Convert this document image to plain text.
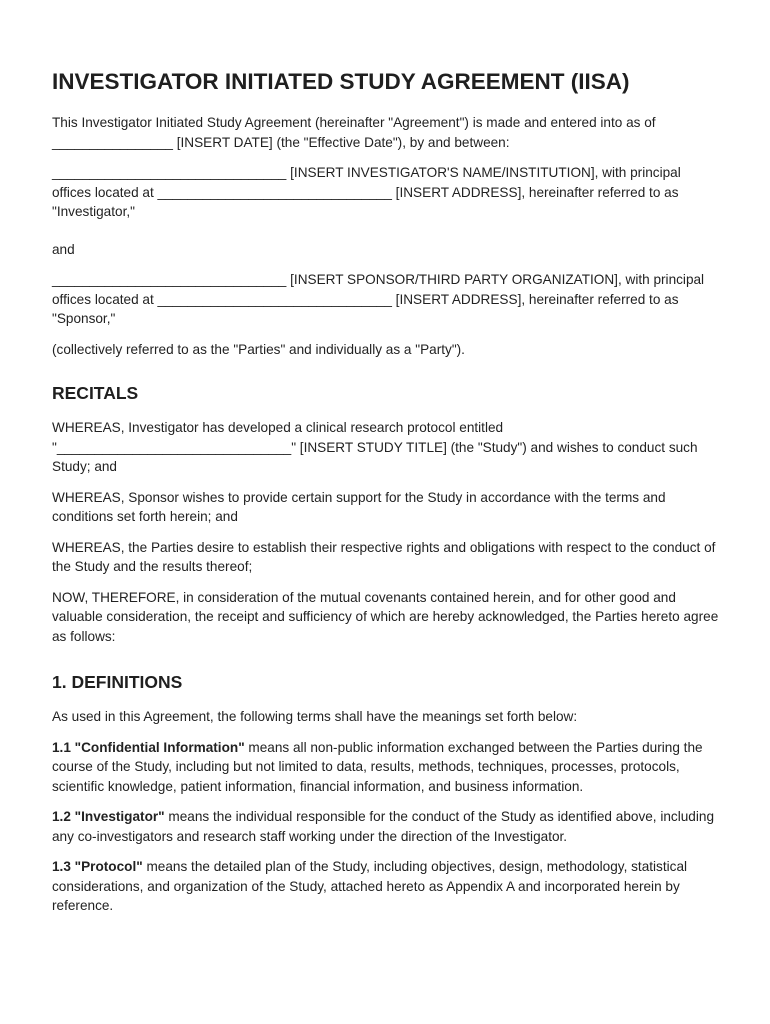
INVESTIGATOR INITIATED STUDY AGREEMENT (IISA)

This Investigator Initiated Study Agreement (hereinafter "Agreement") is made and entered into as of ________________ [INSERT DATE] (the "Effective Date"), by and between:

_______________________________ [INSERT INVESTIGATOR'S NAME/INSTITUTION], with principal offices located at _______________________________ [INSERT ADDRESS], hereinafter referred to as "Investigator,"

and

_______________________________ [INSERT SPONSOR/THIRD PARTY ORGANIZATION], with principal offices located at _______________________________ [INSERT ADDRESS], hereinafter referred to as "Sponsor,"

(collectively referred to as the "Parties" and individually as a "Party").

RECITALS

WHEREAS, Investigator has developed a clinical research protocol entitled "_______________________________" [INSERT STUDY TITLE] (the "Study") and wishes to conduct such Study; and

WHEREAS, Sponsor wishes to provide certain support for the Study in accordance with the terms and conditions set forth herein; and

WHEREAS, the Parties desire to establish their respective rights and obligations with respect to the conduct of the Study and the results thereof;

NOW, THEREFORE, in consideration of the mutual covenants contained herein, and for other good and valuable consideration, the receipt and sufficiency of which are hereby acknowledged, the Parties hereto agree as follows:

1. DEFINITIONS

As used in this Agreement, the following terms shall have the meanings set forth below:

1.1 "Confidential Information" means all non-public information exchanged between the Parties during the course of the Study, including but not limited to data, results, methods, techniques, processes, protocols, scientific knowledge, patient information, financial information, and business information.

1.2 "Investigator" means the individual responsible for the conduct of the Study as identified above, including any co-investigators and research staff working under the direction of the Investigator.

1.3 "Protocol" means the detailed plan of the Study, including objectives, design, methodology, statistical considerations, and organization of the Study, attached hereto as Appendix A and incorporated herein by reference.
